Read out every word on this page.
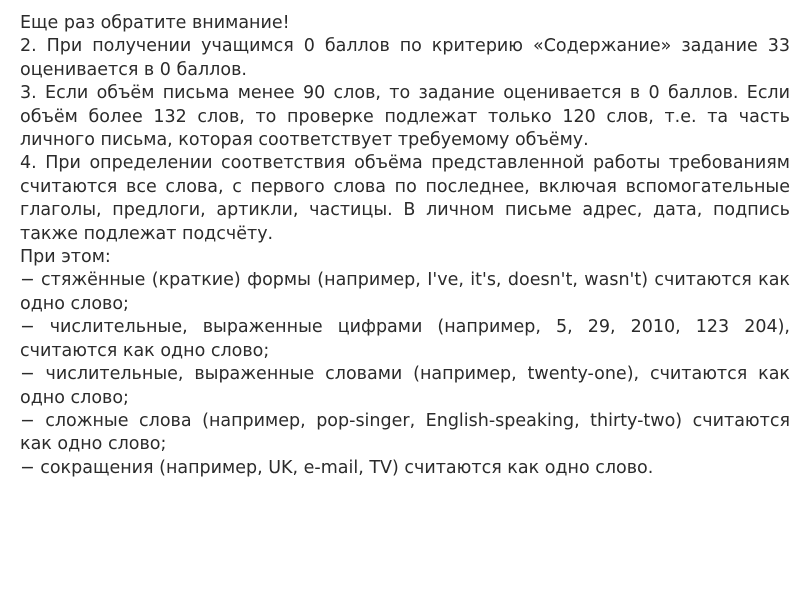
Еще раз обратите внимание!

2. При получении учащимся 0 баллов по критерию «Содержание» задание 33 оценивается в 0 баллов.

3. Если объём письма менее 90 слов, то задание оценивается в 0 баллов. Если объём более 132 слов, то проверке подлежат только 120 слов, т.е. та часть личного письма, которая соответствует требуемому объёму.

4. При определении соответствия объёма представленной работы требованиям считаются все слова, с первого слова по последнее, включая вспомогательные глаголы, предлоги, артикли, частицы. В личном письме адрес, дата, подпись также подлежат подсчёту.

При этом:

− стяжённые (краткие) формы (например, I've, it's, doesn't, wasn't) считаются как одно слово;

− числительные, выраженные цифрами (например, 5, 29, 2010, 123 204), считаются как одно слово;

− числительные, выраженные словами (например, twenty-one), считаются как одно слово;

− сложные слова (например, pop-singer, English-speaking, thirty-two) считаются как одно слово;

− сокращения (например, UK, e-mail, TV) считаются как одно слово.
